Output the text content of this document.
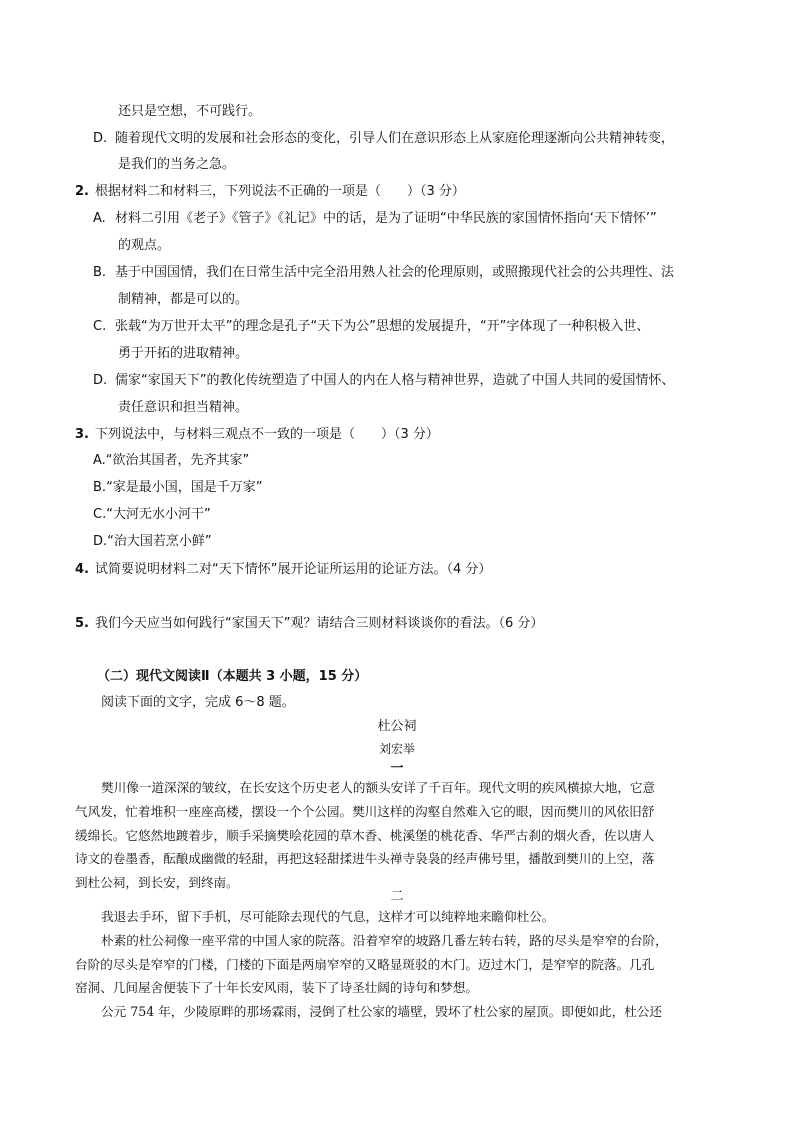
还只是空想，不可践行。
D. 随着现代文明的发展和社会形态的变化，引导人们在意识形态上从家庭伦理逐渐向公共精神转变，
是我们的当务之急。
2. 根据材料二和材料三，下列说法不正确的一项是（　　）（3 分）
A. 材料二引用《老子》《管子》《礼记》中的话，是为了证明“中华民族的家国情怀指向‘天下情怀’”
的观点。
B. 基于中国国情，我们在日常生活中完全沿用熟人社会的伦理原则，或照搬现代社会的公共理性、法
制精神，都是可以的。
C. 张载“为万世开太平”的理念是孔子“天下为公”思想的发展提升，“开”字体现了一种积极入世、
勇于开拓的进取精神。
D. 儒家“家国天下”的教化传统塑造了中国人的内在人格与精神世界，造就了中国人共同的爱国情怀、
责任意识和担当精神。
3. 下列说法中，与材料三观点不一致的一项是（　　）（3 分）
A.“欲治其国者，先齐其家”
B.“家是最小国，国是千万家”
C.“大河无水小河干”
D.“治大国若烹小鲜”
4. 试简要说明材料二对“天下情怀”展开论证所运用的论证方法。（4 分）
5. 我们今天应当如何践行“家国天下”观？请结合三则材料谈谈你的看法。（6 分）
（二）现代文阅读Ⅱ（本题共 3 小题，15 分）
阅读下面的文字，完成 6～8 题。
杜公祠
刘宏举
一
樊川像一道深深的皱纹，在长安这个历史老人的额头安详了千百年。现代文明的疾风横掠大地，它意
气风发，忙着堆积一座座高楼，摆设一个个公园。樊川这样的沟壑自然难入它的眼，因而樊川的风依旧舒
缓绵长。它悠然地踱着步，顺手采摘樊哙花园的草木香、桃溪堡的桃花香、华严古刹的烟火香，佐以唐人
诗文的卷墨香，酝酿成幽微的轻甜，再把这轻甜揉进牛头禅寺袅袅的经声佛号里，播散到樊川的上空，落
到杜公祠，到长安，到终南。
二
我退去手环，留下手机，尽可能除去现代的气息，这样才可以纯粹地来瞻仰杜公。
朴素的杜公祠像一座平常的中国人家的院落。沿着窄窄的坡路几番左转右转，路的尽头是窄窄的台阶，
台阶的尽头是窄窄的门楼，门楼的下面是两扇窄窄的又略显斑驳的木门。迈过木门，是窄窄的院落。几孔
窑洞、几间屋舍便装下了十年长安风雨，装下了诗圣壮阔的诗句和梦想。
公元 754 年，少陵原畔的那场霖雨，浸倒了杜公家的墙壁，毁坏了杜公家的屋顶。即便如此，杜公还
